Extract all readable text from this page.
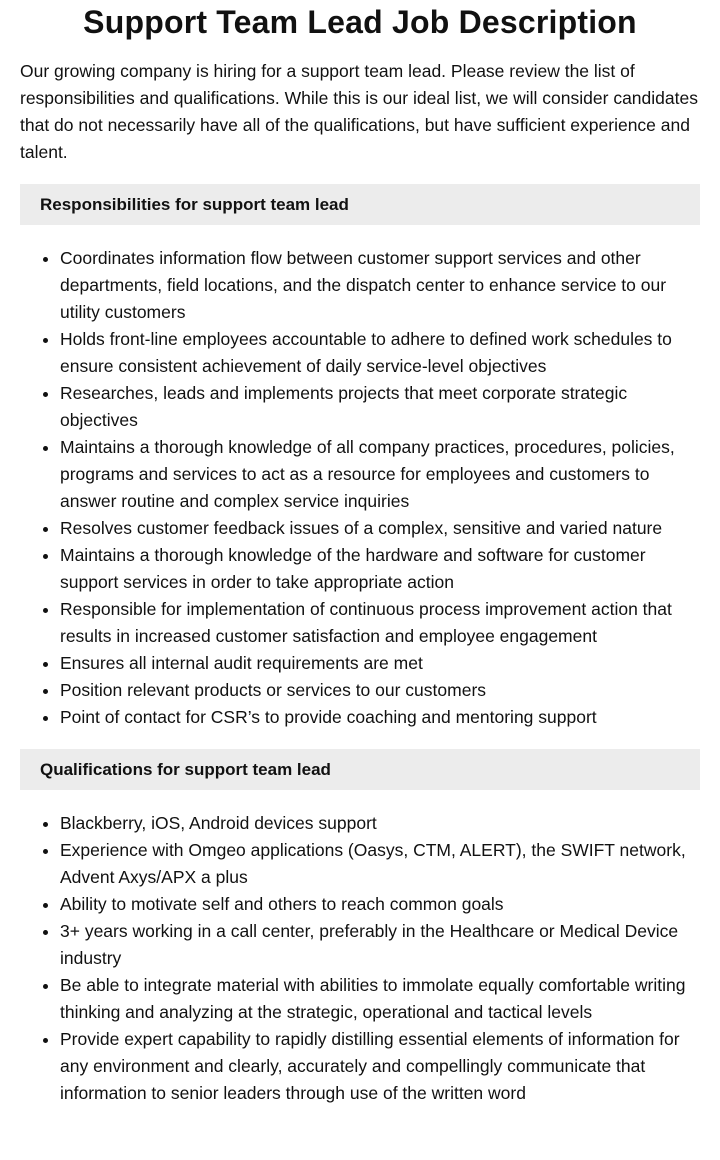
Support Team Lead Job Description

Our growing company is hiring for a support team lead. Please review the list of responsibilities and qualifications. While this is our ideal list, we will consider candidates that do not necessarily have all of the qualifications, but have sufficient experience and talent.

Responsibilities for support team lead
• Coordinates information flow between customer support services and other departments, field locations, and the dispatch center to enhance service to our utility customers
• Holds front-line employees accountable to adhere to defined work schedules to ensure consistent achievement of daily service-level objectives
• Researches, leads and implements projects that meet corporate strategic objectives
• Maintains a thorough knowledge of all company practices, procedures, policies, programs and services to act as a resource for employees and customers to answer routine and complex service inquiries
• Resolves customer feedback issues of a complex, sensitive and varied nature
• Maintains a thorough knowledge of the hardware and software for customer support services in order to take appropriate action
• Responsible for implementation of continuous process improvement action that results in increased customer satisfaction and employee engagement
• Ensures all internal audit requirements are met
• Position relevant products or services to our customers
• Point of contact for CSR’s to provide coaching and mentoring support
Qualifications for support team lead
• Blackberry, iOS, Android devices support
• Experience with Omgeo applications (Oasys, CTM, ALERT), the SWIFT network, Advent Axys/APX a plus
• Ability to motivate self and others to reach common goals
• 3+ years working in a call center, preferably in the Healthcare or Medical Device industry
• Be able to integrate material with abilities to immolate equally comfortable writing thinking and analyzing at the strategic, operational and tactical levels
• Provide expert capability to rapidly distilling essential elements of information for any environment and clearly, accurately and compellingly communicate that information to senior leaders through use of the written word
